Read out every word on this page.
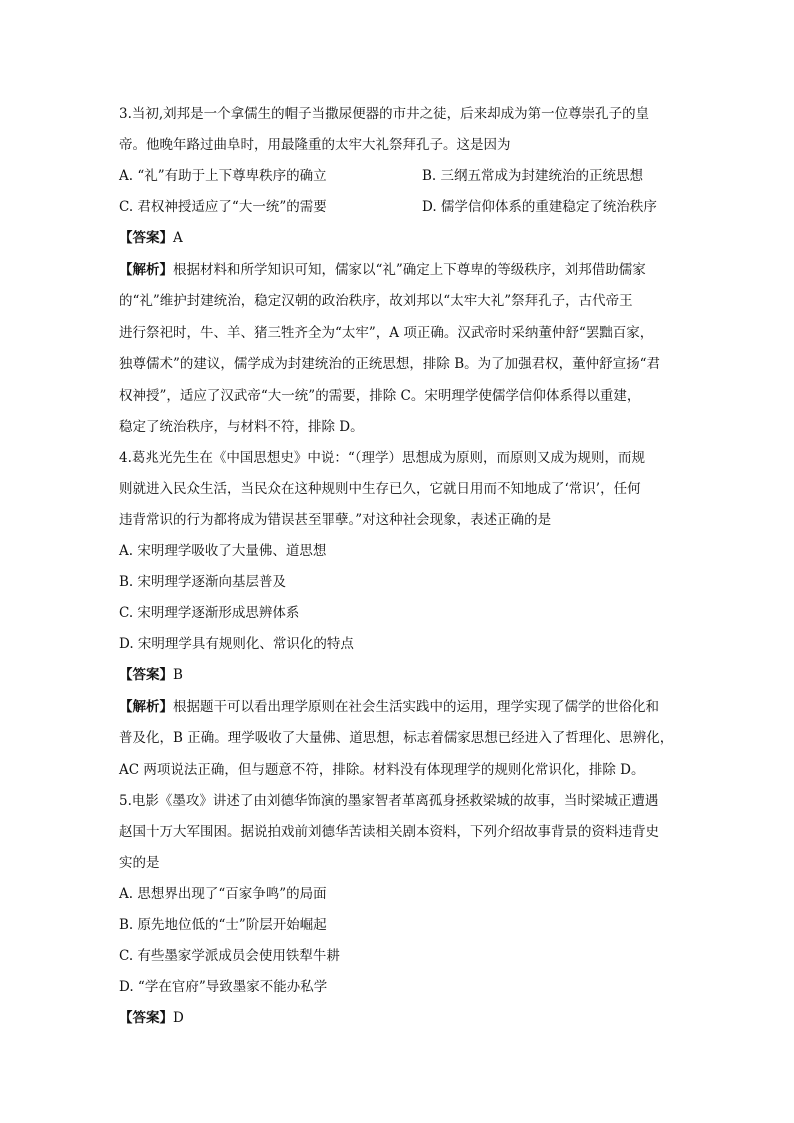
3.当初,刘邦是一个拿儒生的帽子当撒尿便器的市井之徒，后来却成为第一位尊崇孔子的皇
帝。他晚年路过曲阜时，用最隆重的太牢大礼祭拜孔子。这是因为
A. “礼”有助于上下尊卑秩序的确立	B. 三纲五常成为封建统治的正统思想
C. 君权神授适应了“大一统”的需要	D. 儒学信仰体系的重建稳定了统治秩序
【答案】A
【解析】根据材料和所学知识可知，儒家以“礼”确定上下尊卑的等级秩序，刘邦借助儒家
的“礼”维护封建统治，稳定汉朝的政治秩序，故刘邦以“太牢大礼”祭拜孔子，古代帝王
进行祭祀时，牛、羊、猪三牲齐全为“太牢”，A 项正确。汉武帝时采纳董仲舒“罢黜百家，
独尊儒术”的建议，儒学成为封建统治的正统思想，排除 B。为了加强君权，董仲舒宣扬“君
权神授”，适应了汉武帝“大一统”的需要，排除 C。宋明理学使儒学信仰体系得以重建，
稳定了统治秩序，与材料不符，排除 D。
4.葛兆光先生在《中国思想史》中说：“（理学）思想成为原则，而原则又成为规则，而规
则就进入民众生活，当民众在这种规则中生存已久，它就日用而不知地成了‘常识’，任何
违背常识的行为都将成为错误甚至罪孽。”对这种社会现象，表述正确的是
A. 宋明理学吸收了大量佛、道思想
B. 宋明理学逐渐向基层普及
C. 宋明理学逐渐形成思辨体系
D. 宋明理学具有规则化、常识化的特点
【答案】B
【解析】根据题干可以看出理学原则在社会生活实践中的运用，理学实现了儒学的世俗化和
普及化，B 正确。理学吸收了大量佛、道思想，标志着儒家思想已经进入了哲理化、思辨化，
AC 两项说法正确，但与题意不符，排除。材料没有体现理学的规则化常识化，排除 D。
5.电影《墨攻》讲述了由刘德华饰演的墨家智者革离孤身拯救梁城的故事，当时梁城正遭遇
赵国十万大军围困。据说拍戏前刘德华苦读相关剧本资料，下列介绍故事背景的资料违背史
实的是
A. 思想界出现了“百家争鸣”的局面
B. 原先地位低的“士”阶层开始崛起
C. 有些墨家学派成员会使用铁犁牛耕
D. “学在官府”导致墨家不能办私学
【答案】D
